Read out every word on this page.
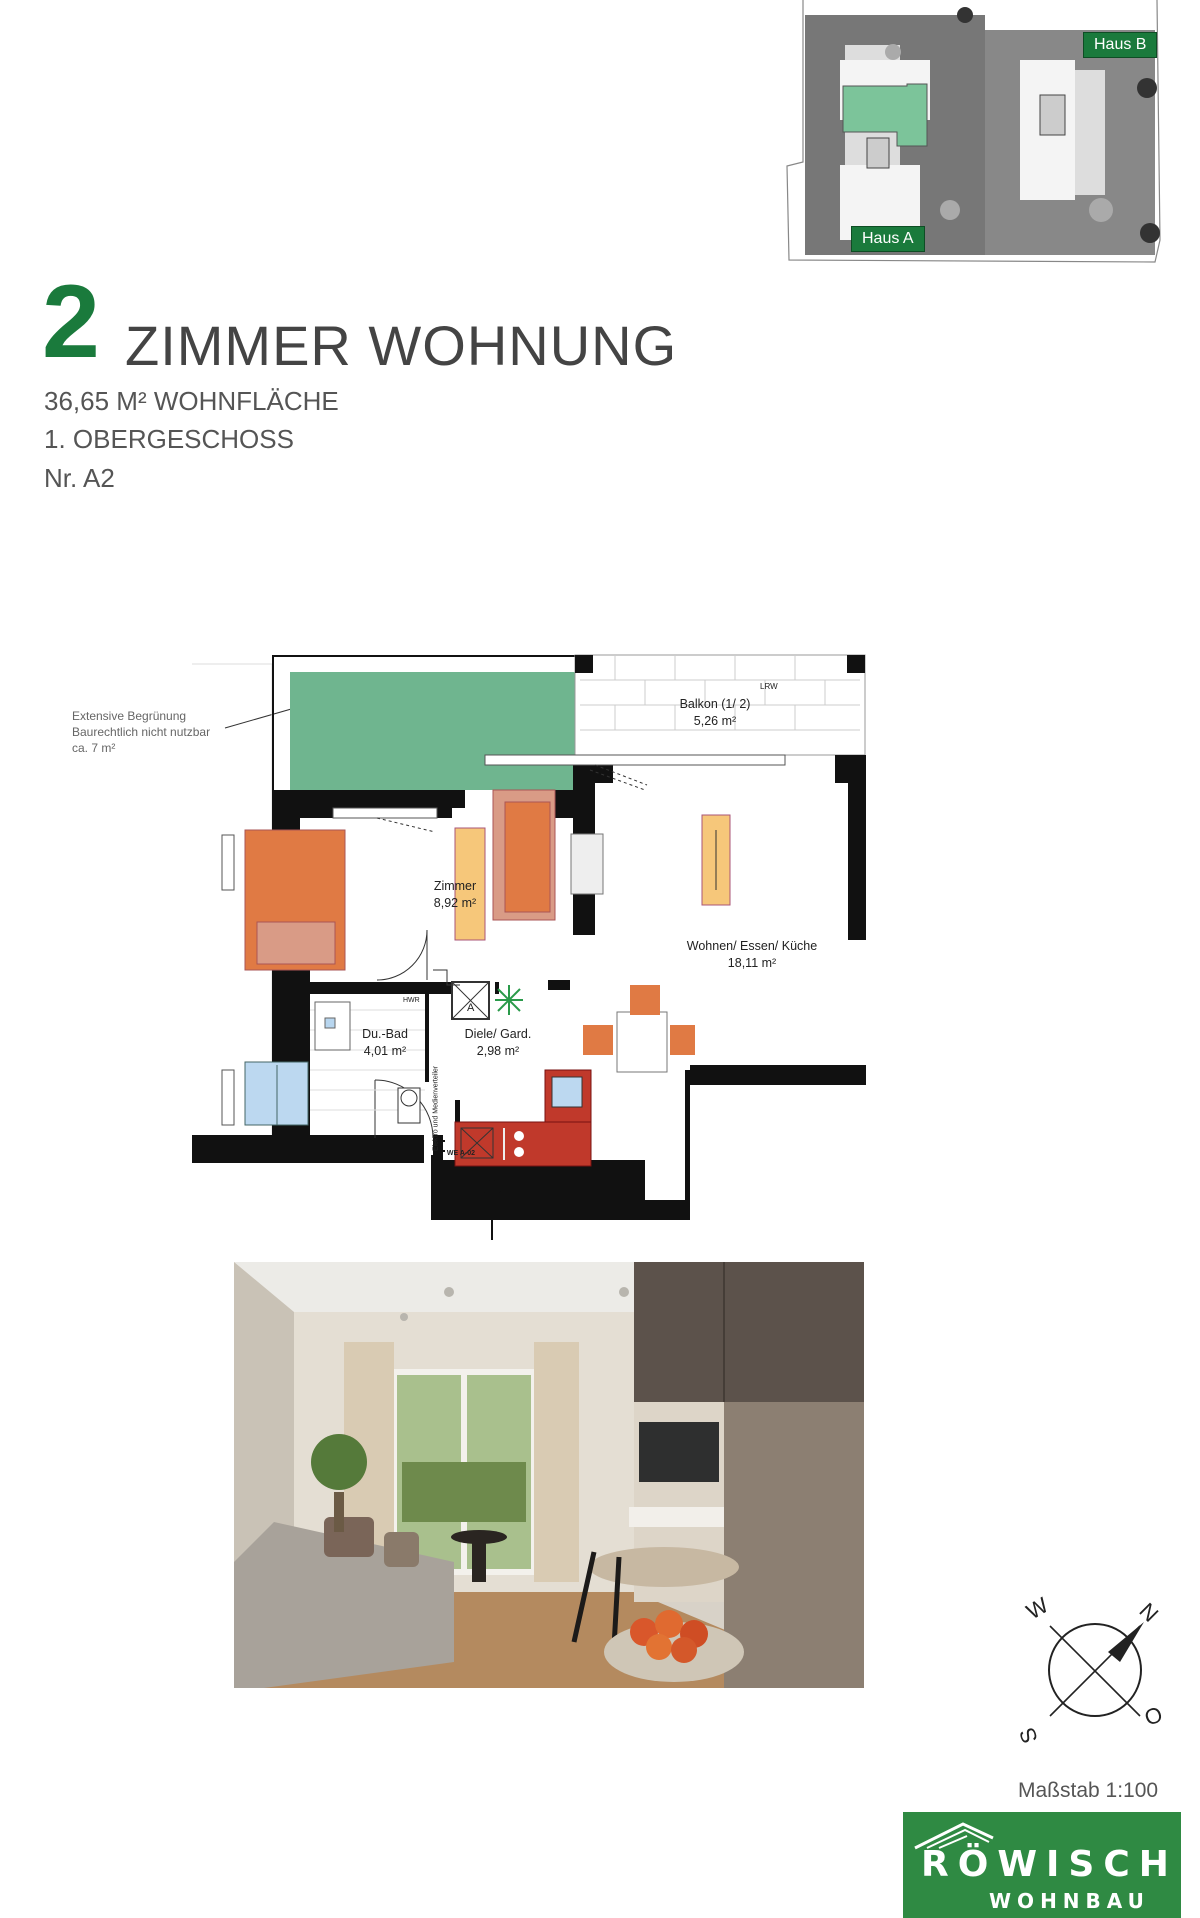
Haus B
Haus A
2 ZIMMER WOHNUNG
36,65 M² WOHNFLÄCHE
1. OBERGESCHOSS
Nr. A2
Extensive Begrünung
Baurechtlich nicht nutzbar
ca. 7 m²
Balkon (1/ 2)
5,26 m²
LRW
Zimmer
8,92 m²
Wohnen/ Essen/ Küche
18,11 m²
Du.-Bad
4,01 m²
Diele/ Gard.
2,98 m²
HWR
A
WE A-02
Elektro und Medienverteiler
W	N
S
O
Maßstab 1:100
RÖWISCH
WOHNBAU
